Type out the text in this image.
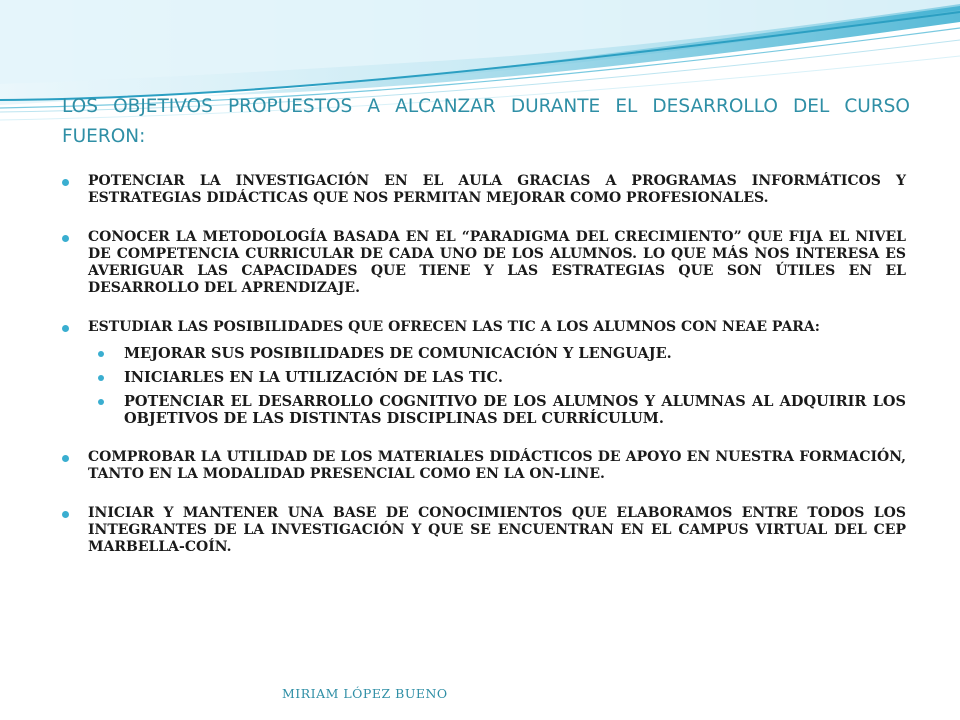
LOS OBJETIVOS PROPUESTOS A ALCANZAR DURANTE EL DESARROLLO DEL CURSO FUERON:
POTENCIAR LA INVESTIGACIÓN EN EL AULA GRACIAS A PROGRAMAS INFORMÁTICOS Y ESTRATEGIAS DIDÁCTICAS QUE NOS PERMITAN MEJORAR COMO PROFESIONALES.
CONOCER LA METODOLOGÍA BASADA EN EL “PARADIGMA DEL CRECIMIENTO” QUE FIJA EL NIVEL DE COMPETENCIA CURRICULAR DE CADA UNO DE LOS ALUMNOS. LO QUE MÁS NOS INTERESA ES AVERIGUAR LAS CAPACIDADES QUE TIENE Y LAS ESTRATEGIAS QUE SON ÚTILES EN EL DESARROLLO DEL APRENDIZAJE.
ESTUDIAR LAS POSIBILIDADES QUE OFRECEN LAS TIC A LOS ALUMNOS CON NEAE PARA:
MEJORAR SUS POSIBILIDADES DE COMUNICACIÓN Y LENGUAJE.
INICIARLES EN LA UTILIZACIÓN DE LAS TIC.
POTENCIAR EL DESARROLLO COGNITIVO DE LOS ALUMNOS Y ALUMNAS AL ADQUIRIR LOS OBJETIVOS DE LAS DISTINTAS DISCIPLINAS DEL CURRÍCULUM.
COMPROBAR LA UTILIDAD DE LOS MATERIALES DIDÁCTICOS DE APOYO EN NUESTRA FORMACIÓN, TANTO EN LA MODALIDAD PRESENCIAL COMO EN LA ON-LINE.
INICIAR Y MANTENER UNA BASE DE CONOCIMIENTOS QUE ELABORAMOS ENTRE TODOS LOS INTEGRANTES DE LA INVESTIGACIÓN Y QUE SE ENCUENTRAN EN EL CAMPUS VIRTUAL DEL CEP MARBELLA-COÍN.
MIRIAM LÓPEZ BUENO
